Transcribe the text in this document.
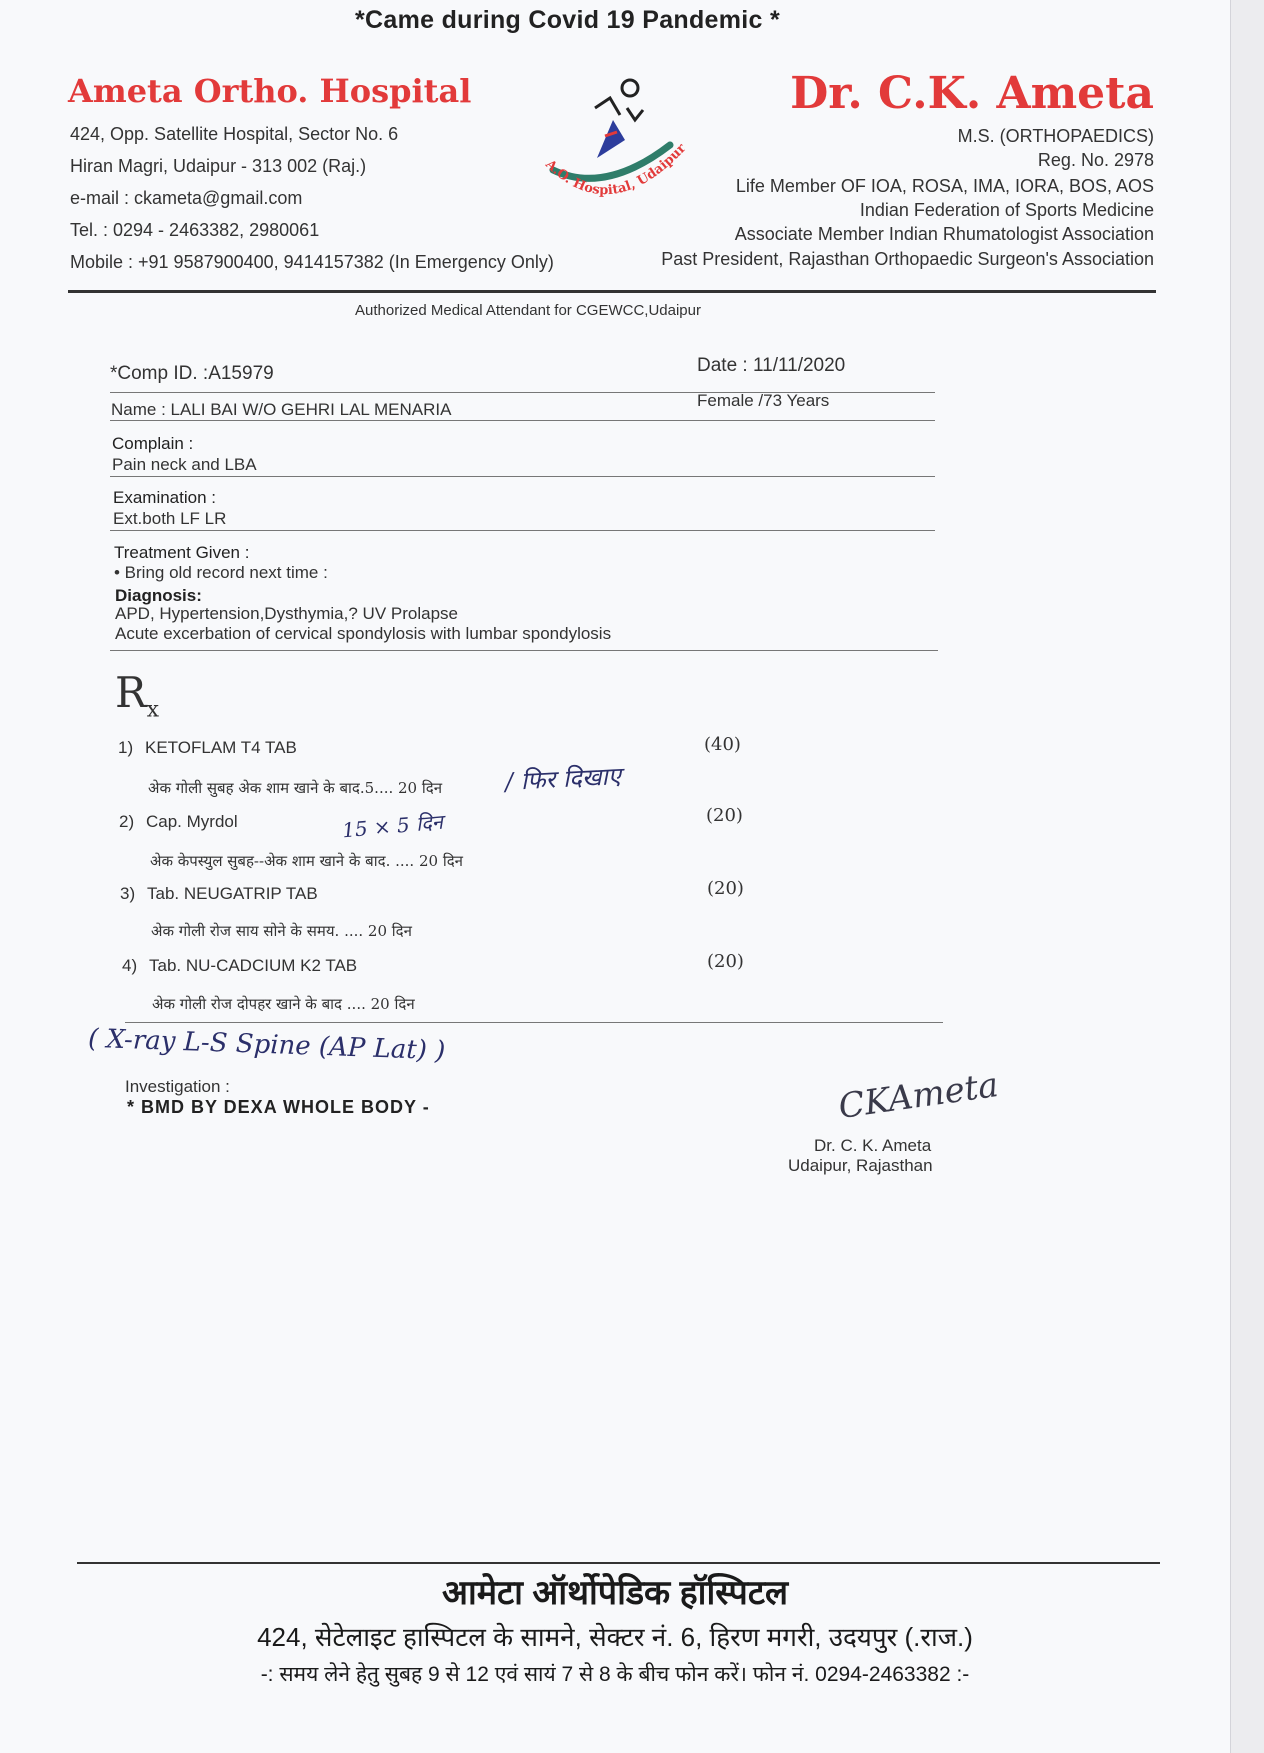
*Came during Covid 19 Pandemic *
Ameta Ortho. Hospital
424, Opp. Satellite Hospital, Sector No. 6
Hiran Magri, Udaipur - 313 002 (Raj.)
e-mail : ckameta@gmail.com
Tel. : 0294 - 2463382, 2980061
Mobile : +91 9587900400, 9414157382 (In Emergency Only)
A.O. Hospital, Udaipur
Dr. C.K. Ameta
M.S. (ORTHOPAEDICS)
Reg. No. 2978
Life Member OF IOA, ROSA, IMA, IORA, BOS, AOS
Indian Federation of Sports Medicine
Associate Member Indian Rhumatologist Association
Past President, Rajasthan Orthopaedic Surgeon's Association
Authorized Medical Attendant for CGEWCC,Udaipur
*Comp ID. :A15979	Date : 11/11/2020
Name : LALI BAI W/O GEHRI LAL MENARIA	Female /73 Years
Complain :
Pain neck and LBA
Examination :
Ext.both LF LR
Treatment Given :
• Bring old record next time :
Diagnosis:
APD, Hypertension,Dysthymia,? UV Prolapse
Acute excerbation of cervical spondylosis with lumbar spondylosis
$R_x$
1) KETOFLAM T4 TAB	(40)
अेक गोली सुबह अेक शाम खाने के बाद.5.... 20 दिन
2) Cap. Myrdol	(20)
अेक केपस्युल सुबह--अेक शाम खाने के बाद. .... 20 दिन
3) Tab. NEUGATRIP TAB	(20)
अेक गोली रोज साय सोने के समय. .... 20 दिन
4) Tab. NU-CADCIUM K2 TAB	(20)
अेक गोली रोज दोपहर खाने के बाद .... 20 दिन
/ फिर दिखाए
15 × 5 दिन
( X-ray L-S Spine (AP Lat) )
Investigation :
* BMD BY DEXA WHOLE BODY -	CKAmeta
Dr. C. K. Ameta
Udaipur, Rajasthan
आमेटा ऑर्थोपेडिक हॉस्पिटल
424, सेटेलाइट हास्पिटल के सामने, सेक्टर नं. 6, हिरण मगरी, उदयपुर (.राज.)
-: समय लेने हेतु सुबह 9 से 12 एवं सायं 7 से 8 के बीच फोन करें। फोन नं. 0294-2463382 :-
